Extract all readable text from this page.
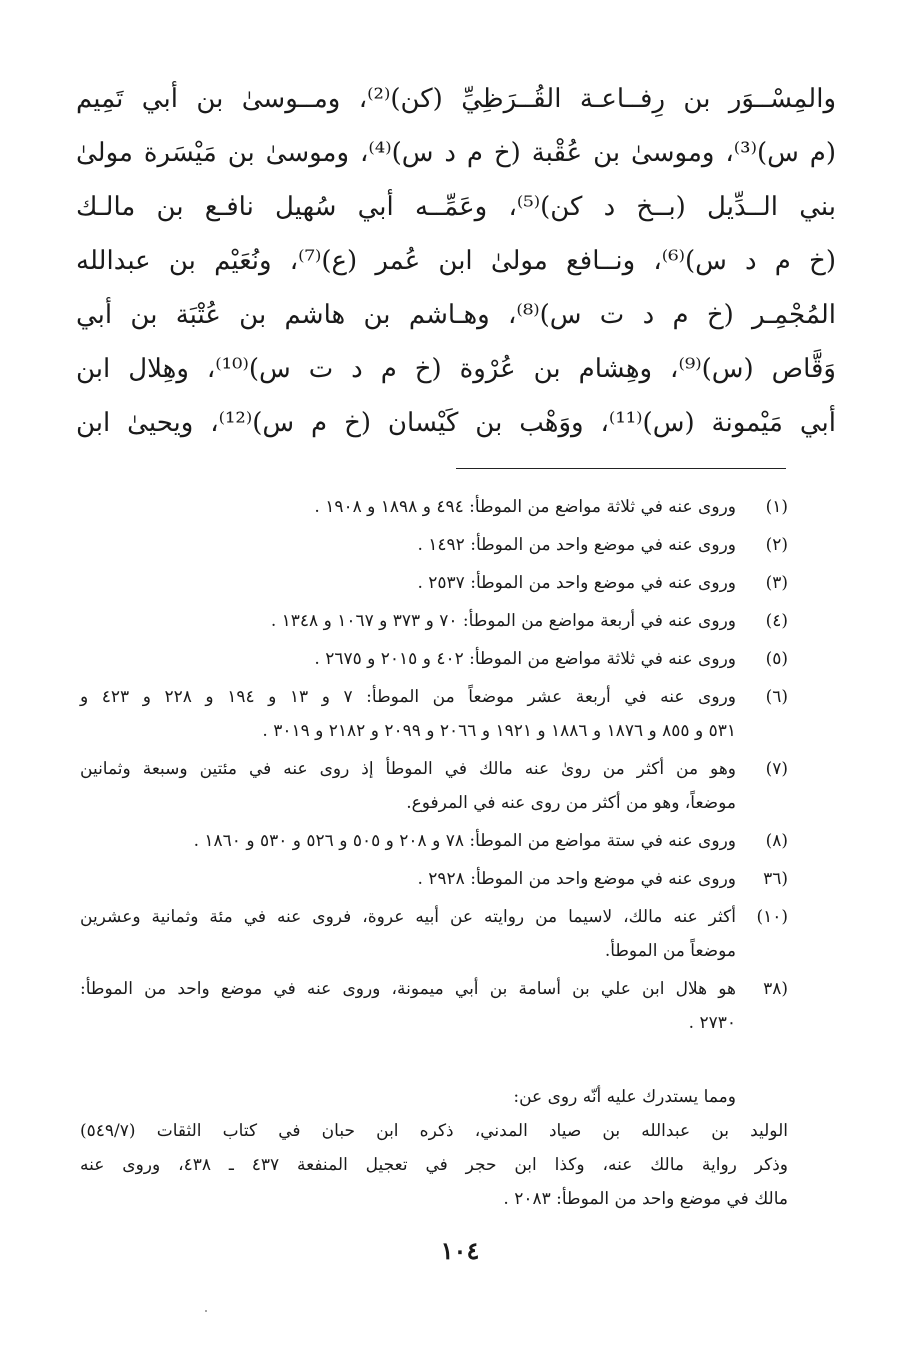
والمِسْــوَر بن رِفــاعـة القُــرَظِيِّ (كن)⁽²⁾، ومــوسىٰ بن أبي تَمِيم
(م س)⁽³⁾، وموسىٰ بن عُقْبة (خ م د س)⁽⁴⁾، وموسىٰ بن مَيْسَرة مولىٰ
بني الــدِّيل (بــخ د كن)⁽⁵⁾، وعَمِّــه أبي سُهيل نافـع بن مالـك
(خ م د س)⁽⁶⁾، ونــافع مولىٰ ابن عُمر (ع)⁽⁷⁾، ونُعَيْم بن عبدالله
المُجْمِـر (خ م د ت س)⁽⁸⁾، وهـاشم بن هاشم بن عُتْبَة بن أبي
وَقَّاص (س)⁽⁹⁾، وهِشام بن عُرْوة (خ م د ت س)⁽¹⁰⁾، وهِلال ابن
أبي مَيْمونة (س)⁽¹¹⁾، ووَهْب بن كَيْسان (خ م س)⁽¹²⁾، ويحيىٰ ابن
(١)
وروى عنه في ثلاثة مواضع من الموطأ: ٤٩٤ و ١٨٩٨ و ١٩٠٨ .
(٢)
وروى عنه في موضع واحد من الموطأ: ١٤٩٢ .
(٣)
وروى عنه في موضع واحد من الموطأ: ٢٥٣٧ .
(٤)
وروى عنه في أربعة مواضع من الموطأ: ٧٠ و ٣٧٣ و ١٠٦٧ و ١٣٤٨ .
(٥)
وروى عنه في ثلاثة مواضع من الموطأ: ٤٠٢ و ٢٠١٥ و ٢٦٧٥ .
(٦)
وروى عنه في أربعة عشر موضعاً من الموطأ: ٧ و ١٣ و ١٩٤ و ٢٢٨ و ٤٢٣ و
٥٣١ و ٨٥٥ و ١٨٧٦ و ١٨٨٦ و ١٩٢١ و ٢٠٦٦ و ٢٠٩٩ و ٢١٨٢ و ٣٠١٩ .
(٧)
وهو من أكثر من روىٰ عنه مالك في الموطأ إذ روى عنه في مئتين وسبعة وثمانين
موضعاً، وهو من أكثر من روى عنه في المرفوع.
(٨)
وروى عنه في ستة مواضع من الموطأ: ٧٨ و ٢٠٨ و ٥٠٥ و ٥٢٦ و ٥٣٠ و ١٨٦٠ .
(٣٦
وروى عنه في موضع واحد من الموطأ: ٢٩٢٨ .
(١٠)
أكثر عنه مالك، لاسيما من روايته عن أبيه عروة، فروى عنه في مئة وثمانية وعشرين
موضعاً من الموطأ.
(٣٨
هو هلال ابن علي بن أسامة بن أبي ميمونة، وروى عنه في موضع واحد من الموطأ:
٢٧٣٠ .
ومما يستدرك عليه أنّه روى عن:
الوليد بن عبدالله بن صياد المدني، ذكره ابن حبان في كتاب الثقات (٥٤٩/٧)
وذكر رواية مالك عنه، وكذا ابن حجر في تعجيل المنفعة ٤٣٧ ـ ٤٣٨، وروى عنه
مالك في موضع واحد من الموطأ: ٢٠٨٣ .
١٠٤
